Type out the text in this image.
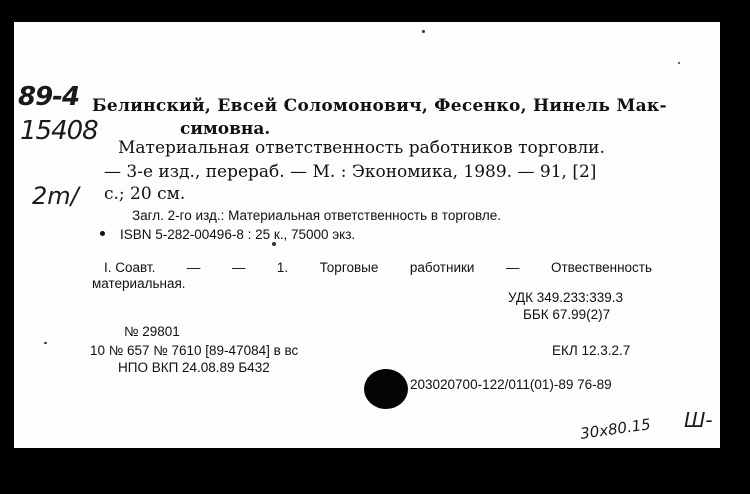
89-4
15408
2m/
Белинский, Евсей Соломонович, Фесенко, Нинель Мак-
симовна.
Материальная ответственность работников торговли.
— 3-е изд., перераб. — М. : Экономика, 1989. — 91, [2]
с.; 20 см.
Загл. 2-го изд.: Материальная ответственность в торговле.
ISBN 5-282-00496-8 : 25 к., 75000 экз.
I. Соавт. — — 1. Торговые работники — Отвественность
материальная.
УДК 349.233:339.3
ББК 67.99(2)7
№ 29801
10 № 657 № 7610 [89-47084] в вс	ЕКЛ 12.3.2.7
НПО ВКП 24.08.89 Б432
203020700-122/011(01)-89 76-89
30x80.15 Ш-
